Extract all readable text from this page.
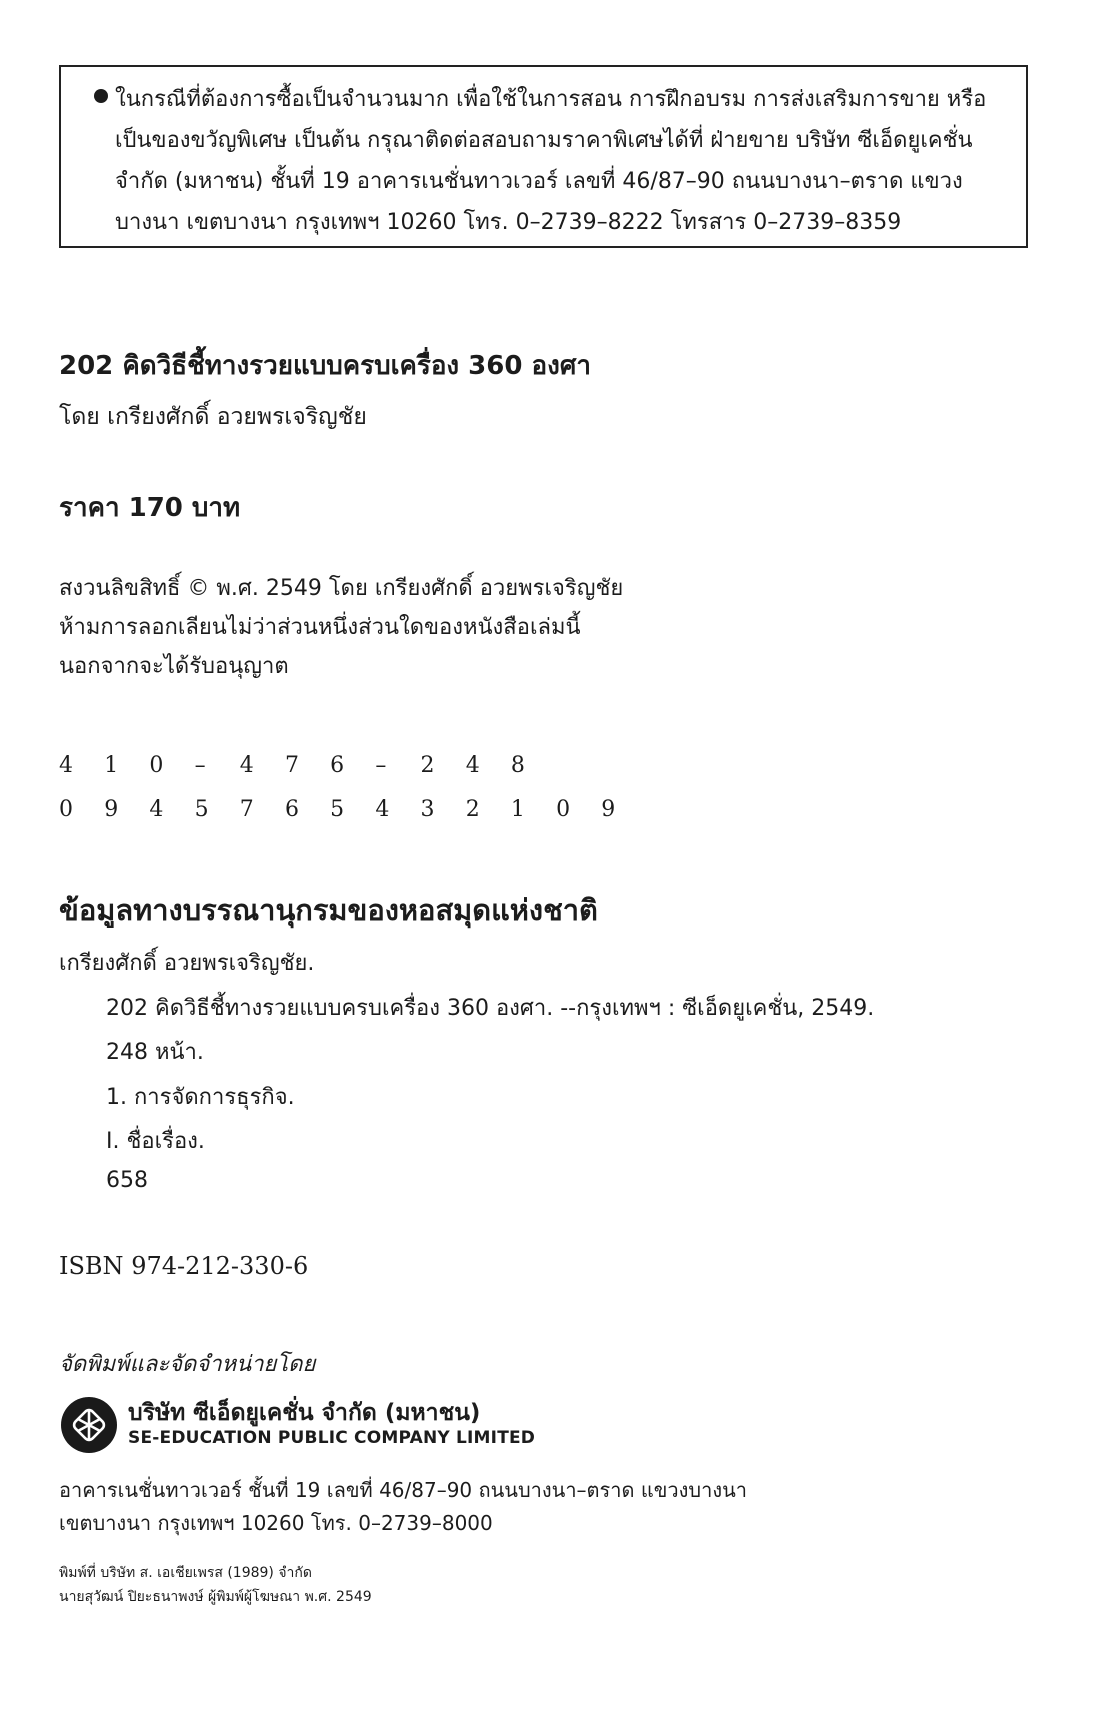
ในกรณีที่ต้องการซื้อเป็นจำนวนมาก เพื่อใช้ในการสอน การฝึกอบรม การส่งเสริมการขาย หรือ
เป็นของขวัญพิเศษ เป็นต้น กรุณาติดต่อสอบถามราคาพิเศษได้ที่ ฝ่ายขาย บริษัท ซีเอ็ดยูเคชั่น
จำกัด (มหาชน) ชั้นที่ 19 อาคารเนชั่นทาวเวอร์ เลขที่ 46/87–90 ถนนบางนา–ตราด แขวง
บางนา เขตบางนา กรุงเทพฯ 10260 โทร. 0–2739–8222 โทรสาร 0–2739–8359
202 คิดวิธีชี้ทางรวยแบบครบเครื่อง 360 องศา
โดย เกรียงศักดิ์ อวยพรเจริญชัย
ราคา 170 บาท
สงวนลิขสิทธิ์ © พ.ศ. 2549 โดย เกรียงศักดิ์ อวยพรเจริญชัย
ห้ามการลอกเลียนไม่ว่าส่วนหนึ่งส่วนใดของหนังสือเล่มนี้
นอกจากจะได้รับอนุญาต
4 1 0 – 4 7 6 – 2 4 8
0 9 4 5 7 6 5 4 3 2 1 0 9
ข้อมูลทางบรรณานุกรมของหอสมุดแห่งชาติ
เกรียงศักดิ์ อวยพรเจริญชัย.
202 คิดวิธีชี้ทางรวยแบบครบเครื่อง 360 องศา. --กรุงเทพฯ : ซีเอ็ดยูเคชั่น, 2549.
248 หน้า.
1. การจัดการธุรกิจ.
I. ชื่อเรื่อง.
658
ISBN 974-212-330-6
จัดพิมพ์และจัดจำหน่ายโดย
บริษัท ซีเอ็ดยูเคชั่น จำกัด (มหาชน)
SE-EDUCATION PUBLIC COMPANY LIMITED
อาคารเนชั่นทาวเวอร์ ชั้นที่ 19 เลขที่ 46/87–90 ถนนบางนา–ตราด แขวงบางนา
เขตบางนา กรุงเทพฯ 10260 โทร. 0–2739–8000
พิมพ์ที่ บริษัท ส. เอเชียเพรส (1989) จำกัด
นายสุวัฒน์ ปิยะธนาพงษ์ ผู้พิมพ์ผู้โฆษณา พ.ศ. 2549
